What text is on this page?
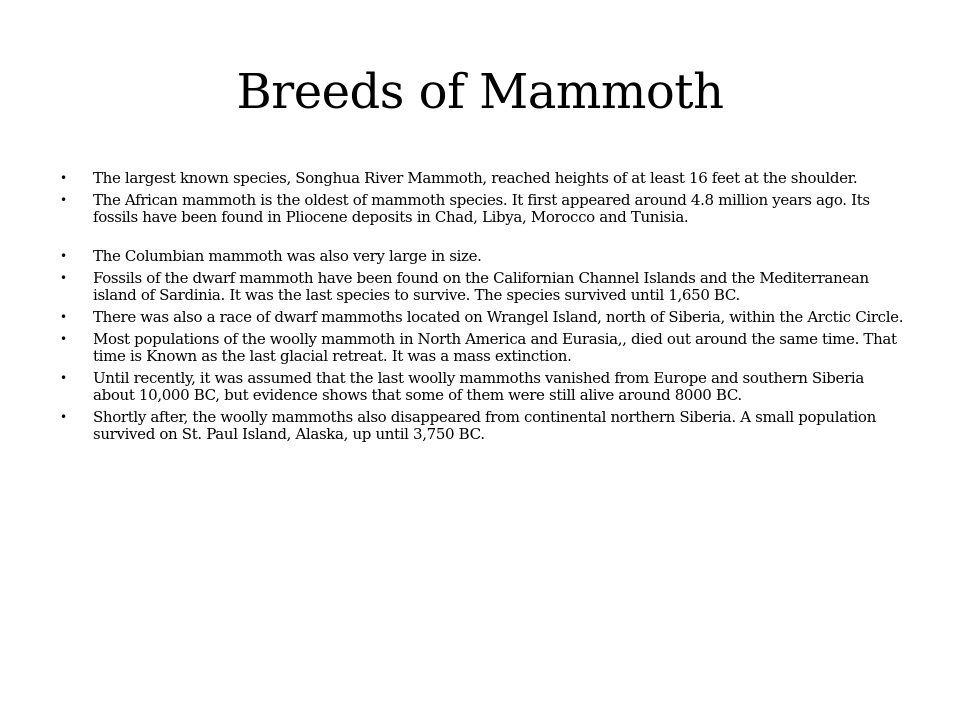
Breeds of Mammoth
• The largest known species, Songhua River Mammoth, reached heights of at least 16 feet at the shoulder.
• The African mammoth is the oldest of mammoth species. It first appeared around 4.8 million years ago. Its fossils have been found in Pliocene deposits in Chad, Libya, Morocco and Tunisia.
• The Columbian mammoth was also very large in size.
• Fossils of the dwarf mammoth have been found on the Californian Channel Islands and the Mediterranean island of Sardinia. It was the last species to survive. The species survived until 1,650 BC.
• There was also a race of dwarf mammoths located on Wrangel Island, north of Siberia, within the Arctic Circle.
• Most populations of the woolly mammoth in North America and Eurasia,, died out around the same time. That time is Known as the last glacial retreat. It was a mass extinction.
• Until recently, it was assumed that the last woolly mammoths vanished from Europe and southern Siberia about 10,000 BC, but evidence shows that some of them were still alive around 8000 BC.
• Shortly after, the woolly mammoths also disappeared from continental northern Siberia. A small population survived on St. Paul Island, Alaska, up until 3,750 BC.
